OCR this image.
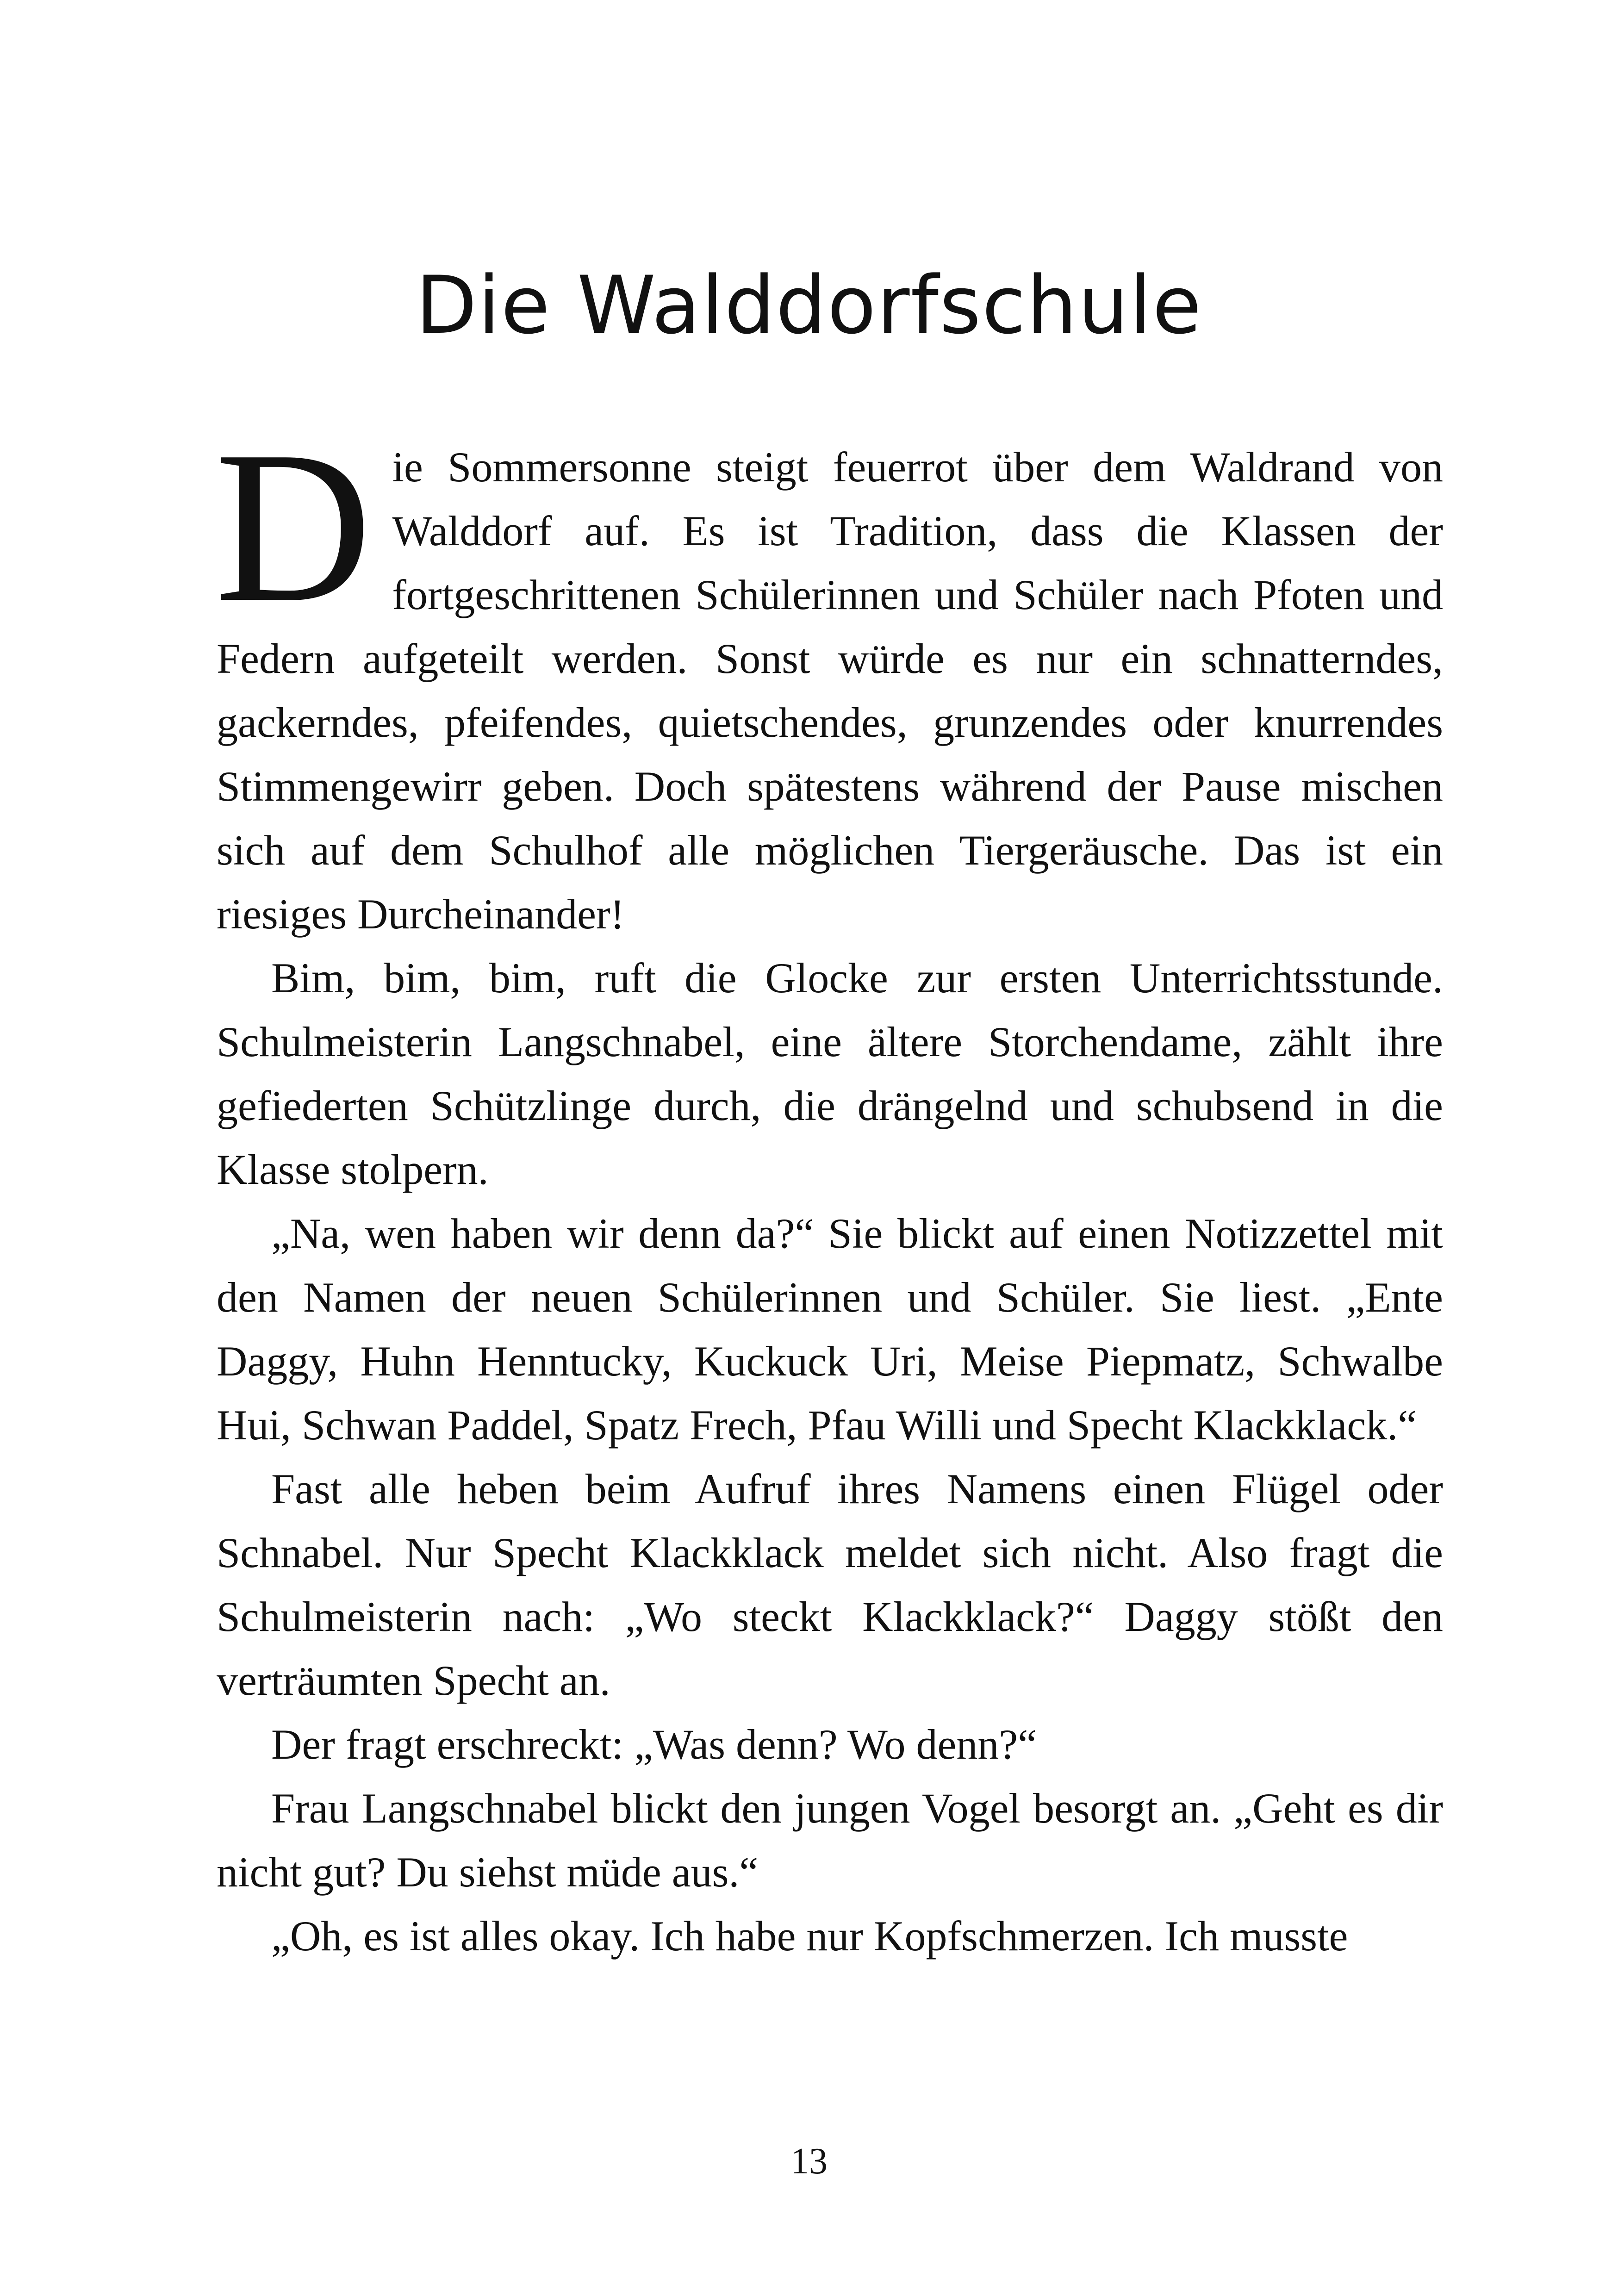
Die Walddorfschule

Die Sommersonne steigt feuerrot über dem Waldrand von Walddorf auf. Es ist Tradition, dass die Klassen der fortgeschrittenen Schülerinnen und Schüler nach Pfoten und Federn aufgeteilt werden. Sonst würde es nur ein schnatterndes, gackerndes, pfeifendes, quietschendes, grunzendes oder knurrendes Stimmengewirr geben. Doch spätestens während der Pause mischen sich auf dem Schulhof alle möglichen Tiergeräusche. Das ist ein riesiges Durcheinander!

Bim, bim, bim, ruft die Glocke zur ersten Unterrichtsstunde. Schulmeisterin Langschnabel, eine ältere Storchendame, zählt ihre gefiederten Schützlinge durch, die drängelnd und schubsend in die Klasse stolpern.

„Na, wen haben wir denn da?“ Sie blickt auf einen Notizzettel mit den Namen der neuen Schülerinnen und Schüler. Sie liest. „Ente Daggy, Huhn Henntucky, Kuckuck Uri, Meise Piepmatz, Schwalbe Hui, Schwan Paddel, Spatz Frech, Pfau Willi und Specht Klackklack.“

Fast alle heben beim Aufruf ihres Namens einen Flügel oder Schnabel. Nur Specht Klackklack meldet sich nicht. Also fragt die Schulmeisterin nach: „Wo steckt Klackklack?“ Daggy stößt den verträumten Specht an.

Der fragt erschreckt: „Was denn? Wo denn?“

Frau Langschnabel blickt den jungen Vogel besorgt an. „Geht es dir nicht gut? Du siehst müde aus.“

„Oh, es ist alles okay. Ich habe nur Kopfschmerzen. Ich musste

13
